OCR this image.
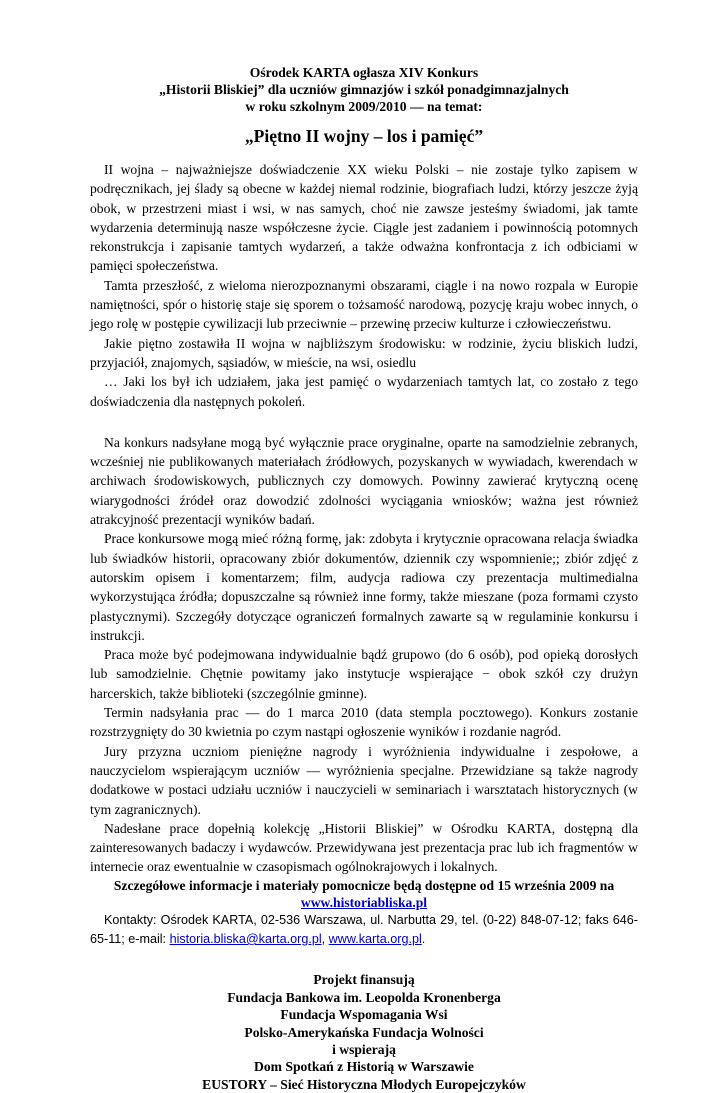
Ośrodek KARTA ogłasza XIV Konkurs

„Historii Bliskiej” dla uczniów gimnazjów i szkół ponadgimnazjalnych

w roku szkolnym 2009/2010 — na temat:

„Piętno II wojny – los i pamięć”

II wojna – najważniejsze doświadczenie XX wieku Polski – nie zostaje tylko zapisem w podręcznikach, jej ślady są obecne w każdej niemal rodzinie, biografiach ludzi, którzy jeszcze żyją obok, w przestrzeni miast i wsi, w nas samych, choć nie zawsze jesteśmy świadomi, jak tamte wydarzenia determinują nasze współczesne życie. Ciągle jest zadaniem i powinnością potomnych rekonstrukcja i zapisanie tamtych wydarzeń, a także odważna konfrontacja z ich odbiciami w pamięci społeczeństwa.

Tamta przeszłość, z wieloma nierozpoznanymi obszarami, ciągle i na nowo rozpala w Europie namiętności, spór o historię staje się sporem o tożsamość narodową, pozycję kraju wobec innych, o jego rolę w postępie cywilizacji lub przeciwnie – przewinę przeciw kulturze i człowieczeństwu.

Jakie piętno zostawiła II wojna w najbliższym środowisku: w rodzinie, życiu bliskich ludzi, przyjaciół, znajomych, sąsiadów, w mieście, na wsi, osiedlu

… Jaki los był ich udziałem, jaka jest pamięć o wydarzeniach tamtych lat, co zostało z tego doświadczenia dla następnych pokoleń.

Na konkurs nadsyłane mogą być wyłącznie prace oryginalne, oparte na samodzielnie zebranych, wcześniej nie publikowanych materiałach źródłowych, pozyskanych w wywiadach, kwerendach w archiwach środowiskowych, publicznych czy domowych. Powinny zawierać krytyczną ocenę wiarygodności źródeł oraz dowodzić zdolności wyciągania wniosków; ważna jest również atrakcyjność prezentacji wyników badań.

Prace konkursowe mogą mieć różną formę, jak: zdobyta i krytycznie opracowana relacja świadka lub świadków historii, opracowany zbiór dokumentów, dziennik czy wspomnienie;; zbiór zdjęć z autorskim opisem i komentarzem; film, audycja radiowa czy prezentacja multimedialna wykorzystująca źródła; dopuszczalne są również inne formy, także mieszane (poza formami czysto plastycznymi). Szczegóły dotyczące ograniczeń formalnych zawarte są w regulaminie konkursu i instrukcji.

Praca może być podejmowana indywidualnie bądź grupowo (do 6 osób), pod opieką dorosłych lub samodzielnie. Chętnie powitamy jako instytucje wspierające − obok szkół czy drużyn harcerskich, także biblioteki (szczególnie gminne).

Termin nadsyłania prac — do 1 marca 2010 (data stempla pocztowego). Konkurs zostanie rozstrzygnięty do 30 kwietnia po czym nastąpi ogłoszenie wyników i rozdanie nagród.

Jury przyzna uczniom pieniężne nagrody i wyróżnienia indywidualne i zespołowe, a nauczycielom wspierającym uczniów — wyróżnienia specjalne. Przewidziane są także nagrody dodatkowe w postaci udziału uczniów i nauczycieli w seminariach i warsztatach historycznych (w tym zagranicznych).

Nadesłane prace dopełnią kolekcję „Historii Bliskiej” w Ośrodku KARTA, dostępną dla zainteresowanych badaczy i wydawców. Przewidywana jest prezentacja prac lub ich fragmentów w internecie oraz ewentualnie w czasopismach ogólnokrajowych i lokalnych.

Szczegółowe informacje i materiały pomocnicze będą dostępne od 15 września 2009 na

www.historiabliska.pl

Kontakty: Ośrodek KARTA, 02-536 Warszawa, ul. Narbutta 29, tel. (0-22) 848-07-12; faks 646-65-11; e-mail: historia.bliska@karta.org.pl, www.karta.org.pl.

Projekt finansują

Fundacja Bankowa im. Leopolda Kronenberga

Fundacja Wspomagania Wsi

Polsko-Amerykańska Fundacja Wolności

i wspierają

Dom Spotkań z Historią w Warszawie

EUSTORY – Sieć Historyczna Młodych Europejczyków
